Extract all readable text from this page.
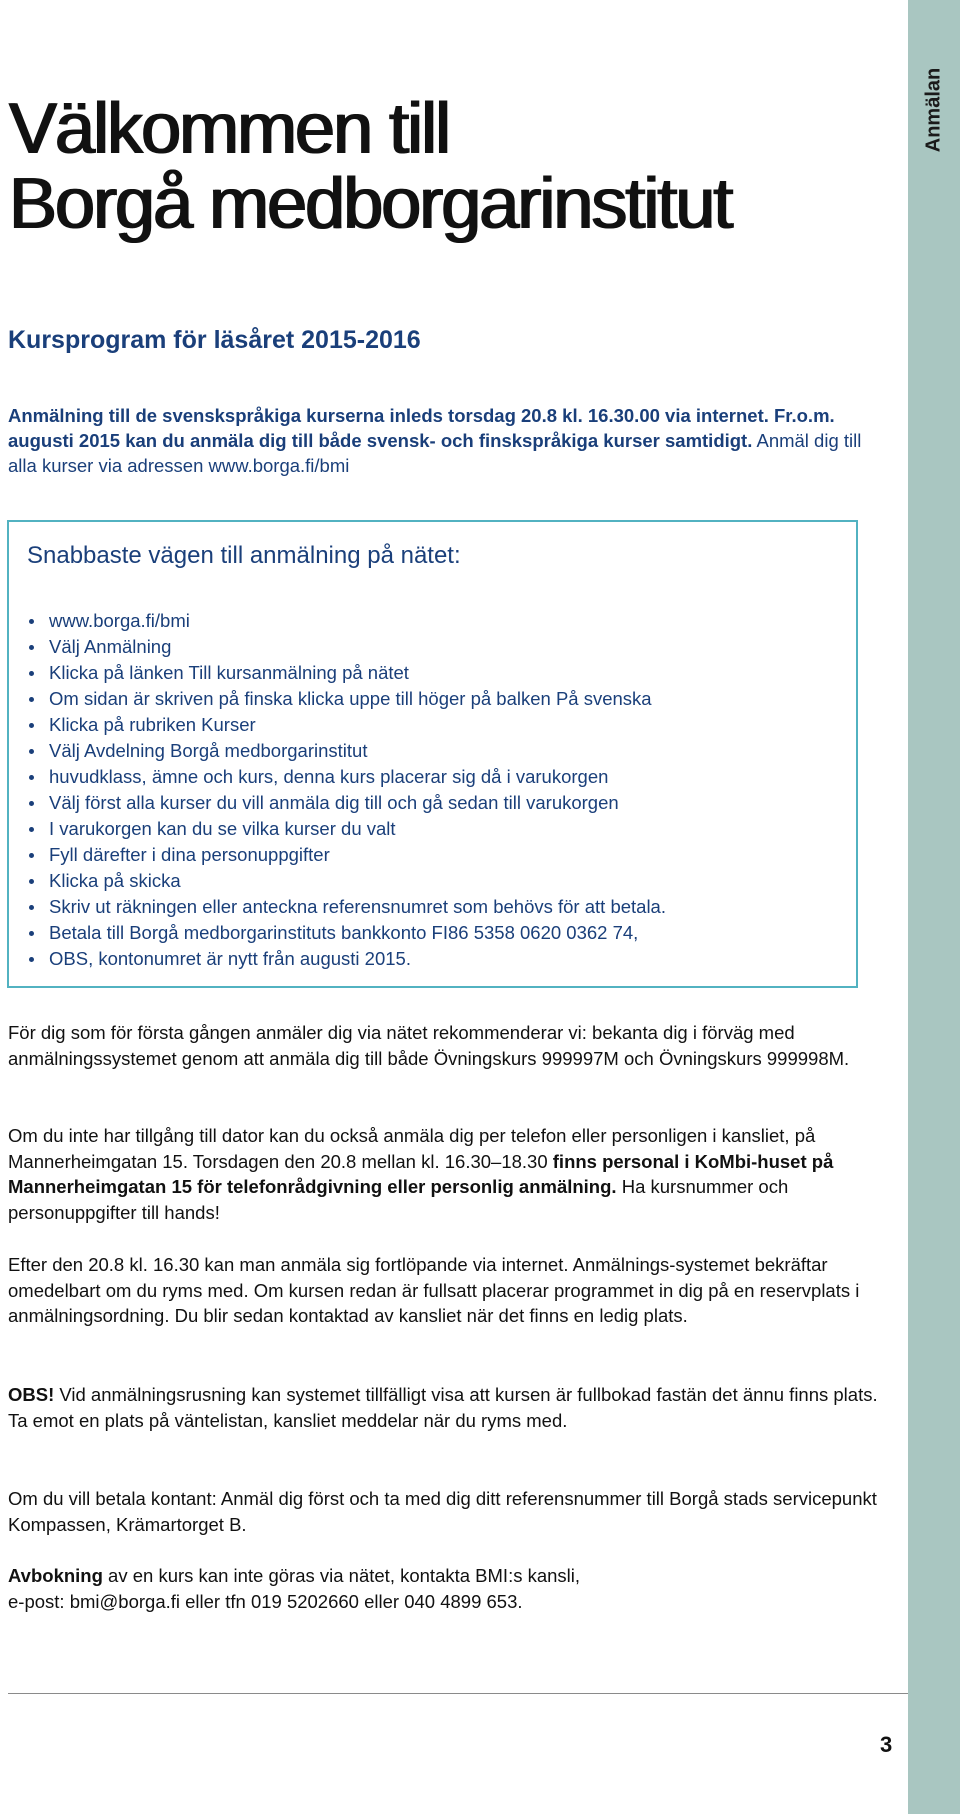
Anmälan
Välkommen till
Borgå medborgarinstitut
Kursprogram för läsåret 2015-2016

Anmälning till de svenskspråkiga kurserna inleds torsdag 20.8 kl. 16.30.00 via internet. Fr.o.m. augusti 2015 kan du anmäla dig till både svensk- och finskspråkiga kurser samtidigt. Anmäl dig till alla kurser via adressen www.borga.fi/bmi

Snabbaste vägen till anmälning på nätet:
www.borga.fi/bmi
Välj Anmälning
Klicka på länken Till kursanmälning på nätet
Om sidan är skriven på finska klicka uppe till höger på balken På svenska
Klicka på rubriken Kurser
Välj Avdelning Borgå medborgarinstitut
huvudklass, ämne och kurs, denna kurs placerar sig då i varukorgen
Välj först alla kurser du vill anmäla dig till och gå sedan till varukorgen
I varukorgen kan du se vilka kurser du valt
Fyll därefter i dina personuppgifter
Klicka på skicka
Skriv ut räkningen eller anteckna referensnumret som behövs för att betala.
Betala till Borgå medborgarinstituts bankkonto FI86 5358 0620 0362 74,
OBS, kontonumret är nytt från augusti 2015.

För dig som för första gången anmäler dig via nätet rekommenderar vi: bekanta dig i förväg med anmälningssystemet genom att anmäla dig till både Övningskurs 999997M och Övningskurs 999998M.

Om du inte har tillgång till dator kan du också anmäla dig per telefon eller personligen i kansliet, på Mannerheimgatan 15. Torsdagen den 20.8 mellan kl. 16.30–18.30 finns personal i KoMbi-huset på Mannerheimgatan 15 för telefonrådgivning eller personlig anmälning. Ha kursnummer och personuppgifter till hands!

Efter den 20.8 kl. 16.30 kan man anmäla sig fortlöpande via internet. Anmälnings-systemet bekräftar omedelbart om du ryms med. Om kursen redan är fullsatt placerar programmet in dig på en reservplats i anmälningsordning. Du blir sedan kontaktad av kansliet när det finns en ledig plats.

OBS! Vid anmälningsrusning kan systemet tillfälligt visa att kursen är fullbokad fastän det ännu finns plats. Ta emot en plats på väntelistan, kansliet meddelar när du ryms med.

Om du vill betala kontant: Anmäl dig först och ta med dig ditt referensnummer till Borgå stads servicepunkt Kompassen, Krämartorget B.

Avbokning av en kurs kan inte göras via nätet, kontakta BMI:s kansli,
e-post: bmi@borga.fi eller tfn 019 5202660 eller 040 4899 653.

3
